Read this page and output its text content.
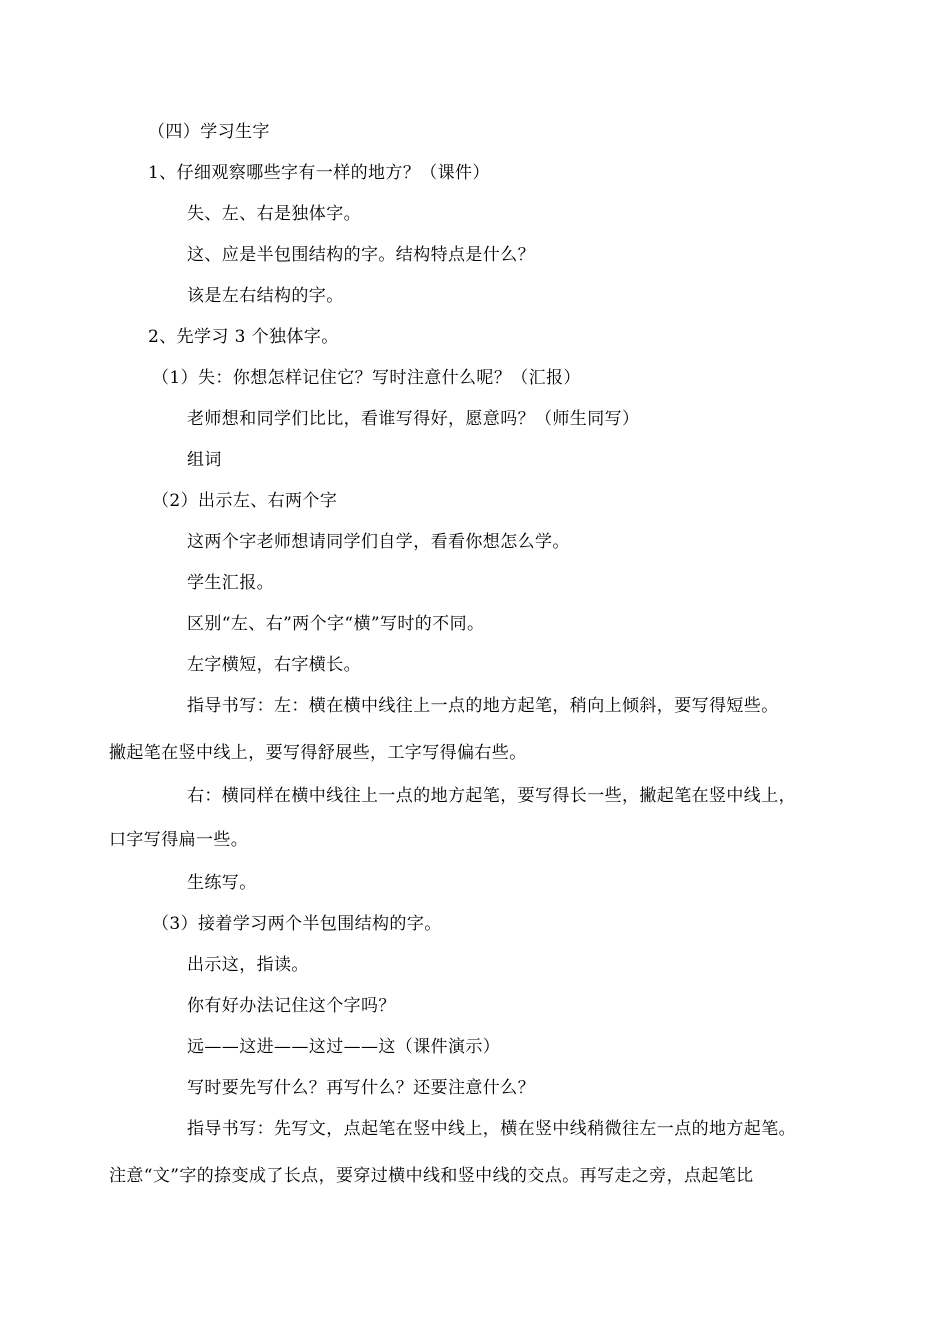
（四）学习生字
1、仔细观察哪些字有一样的地方？（课件）
失、左、右是独体字。
这、应是半包围结构的字。结构特点是什么？
该是左右结构的字。
2、先学习 3 个独体字。
（1）失：你想怎样记住它？写时注意什么呢？（汇报）
老师想和同学们比比，看谁写得好，愿意吗？（师生同写）
组词
（2）出示左、右两个字
这两个字老师想请同学们自学，看看你想怎么学。
学生汇报。
区别“左、右”两个字“横”写时的不同。
左字横短，右字横长。
指导书写：左：横在横中线往上一点的地方起笔，稍向上倾斜，要写得短些。
撇起笔在竖中线上，要写得舒展些，工字写得偏右些。
右：横同样在横中线往上一点的地方起笔，要写得长一些，撇起笔在竖中线上，
口字写得扁一些。
生练写。
（3）接着学习两个半包围结构的字。
出示这，指读。
你有好办法记住这个字吗？
远——这进——这过——这（课件演示）
写时要先写什么？再写什么？还要注意什么？
指导书写：先写文，点起笔在竖中线上，横在竖中线稍微往左一点的地方起笔。
注意“文”字的捺变成了长点，要穿过横中线和竖中线的交点。再写走之旁，点起笔比
